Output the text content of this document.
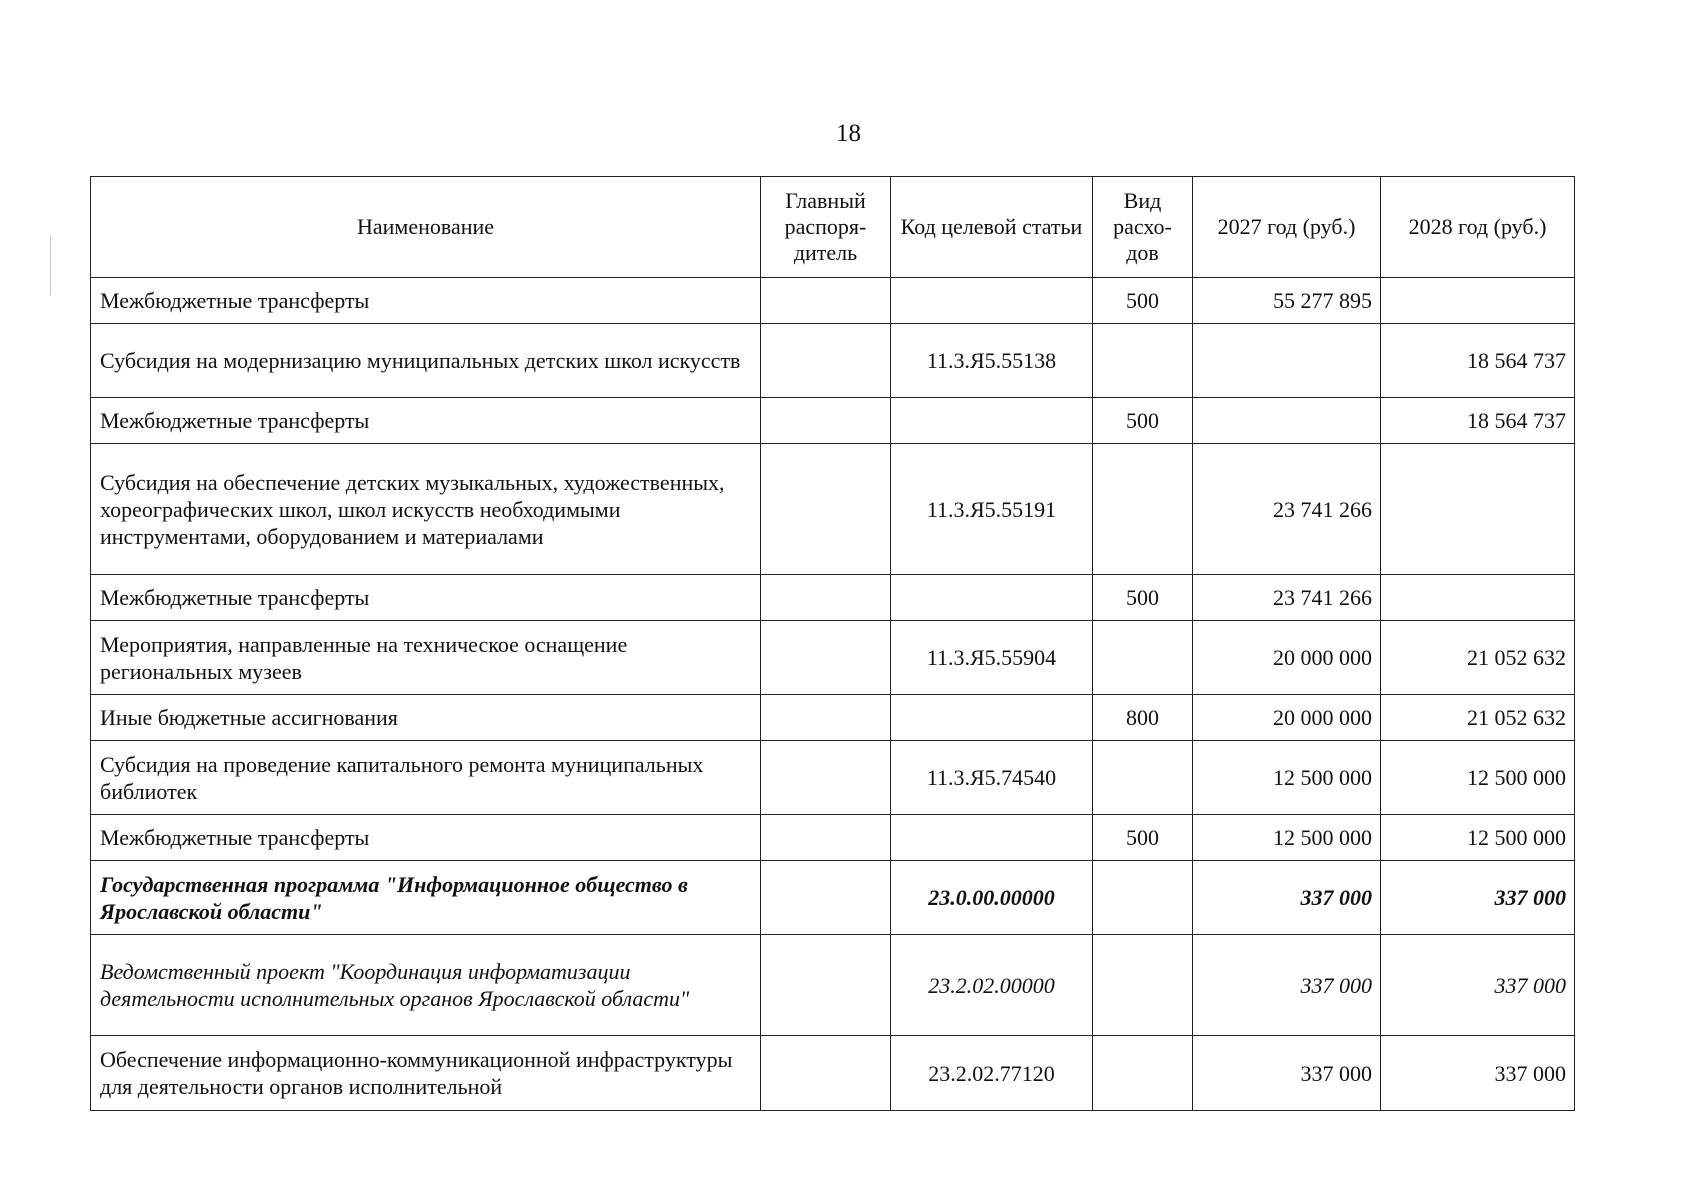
18
Наименование	Главный распоря-дитель	Код целевой статьи	Вид расхо-дов	2027 год (руб.)	2028 год (руб.)
Межбюджетные трансферты			500	55 277 895	
Субсидия на модернизацию муниципальных детских школ искусств		11.3.Я5.55138			18 564 737
Межбюджетные трансферты			500		18 564 737
Субсидия на обеспечение детских музыкальных, художественных, хореографических школ, школ искусств необходимыми инструментами, оборудованием и материалами		11.3.Я5.55191		23 741 266	
Межбюджетные трансферты			500	23 741 266	
Мероприятия, направленные на техническое оснащение региональных музеев		11.3.Я5.55904		20 000 000	21 052 632
Иные бюджетные ассигнования			800	20 000 000	21 052 632
Субсидия на проведение капитального ремонта муниципальных библиотек		11.3.Я5.74540		12 500 000	12 500 000
Межбюджетные трансферты			500	12 500 000	12 500 000
Государственная программа "Информационное общество в Ярославской области"		23.0.00.00000		337 000	337 000
Ведомственный проект "Координация информатизации деятельности исполнительных органов Ярославской области"		23.2.02.00000		337 000	337 000
Обеспечение информационно-коммуникационной инфраструктуры для деятельности органов исполнительной		23.2.02.77120		337 000	337 000
